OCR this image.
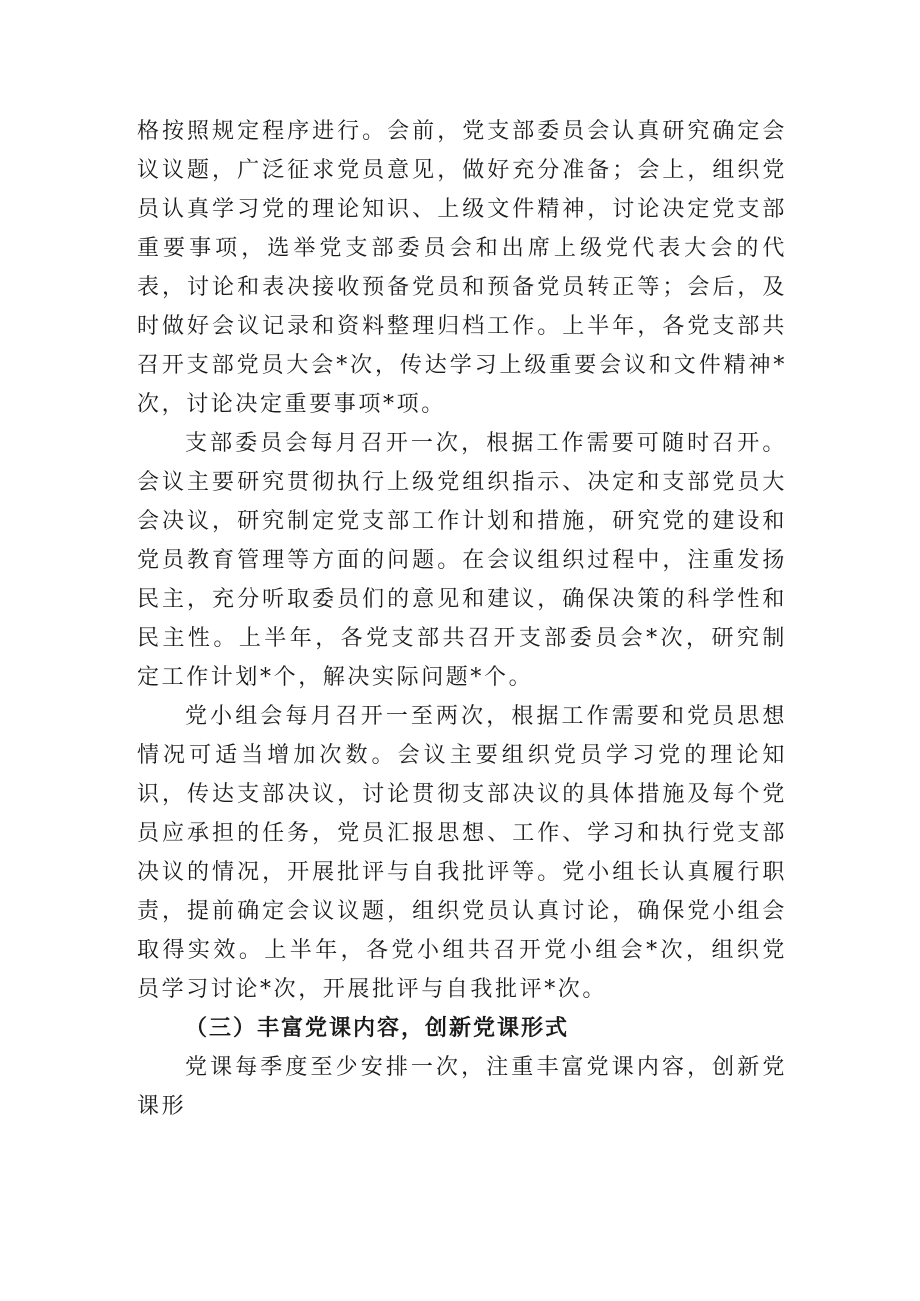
格按照规定程序进行。会前，党支部委员会认真研究确定会议议题，广泛征求党员意见，做好充分准备；会上，组织党员认真学习党的理论知识、上级文件精神，讨论决定党支部重要事项，选举党支部委员会和出席上级党代表大会的代表，讨论和表决接收预备党员和预备党员转正等；会后，及时做好会议记录和资料整理归档工作。上半年，各党支部共召开支部党员大会*次，传达学习上级重要会议和文件精神*次，讨论决定重要事项*项。

支部委员会每月召开一次，根据工作需要可随时召开。会议主要研究贯彻执行上级党组织指示、决定和支部党员大会决议，研究制定党支部工作计划和措施，研究党的建设和党员教育管理等方面的问题。在会议组织过程中，注重发扬民主，充分听取委员们的意见和建议，确保决策的科学性和民主性。上半年，各党支部共召开支部委员会*次，研究制定工作计划*个，解决实际问题*个。

党小组会每月召开一至两次，根据工作需要和党员思想情况可适当增加次数。会议主要组织党员学习党的理论知识，传达支部决议，讨论贯彻支部决议的具体措施及每个党员应承担的任务，党员汇报思想、工作、学习和执行党支部决议的情况，开展批评与自我批评等。党小组长认真履行职责，提前确定会议议题，组织党员认真讨论，确保党小组会取得实效。上半年，各党小组共召开党小组会*次，组织党员学习讨论*次，开展批评与自我批评*次。

（三）丰富党课内容，创新党课形式

党课每季度至少安排一次，注重丰富党课内容，创新党课形
